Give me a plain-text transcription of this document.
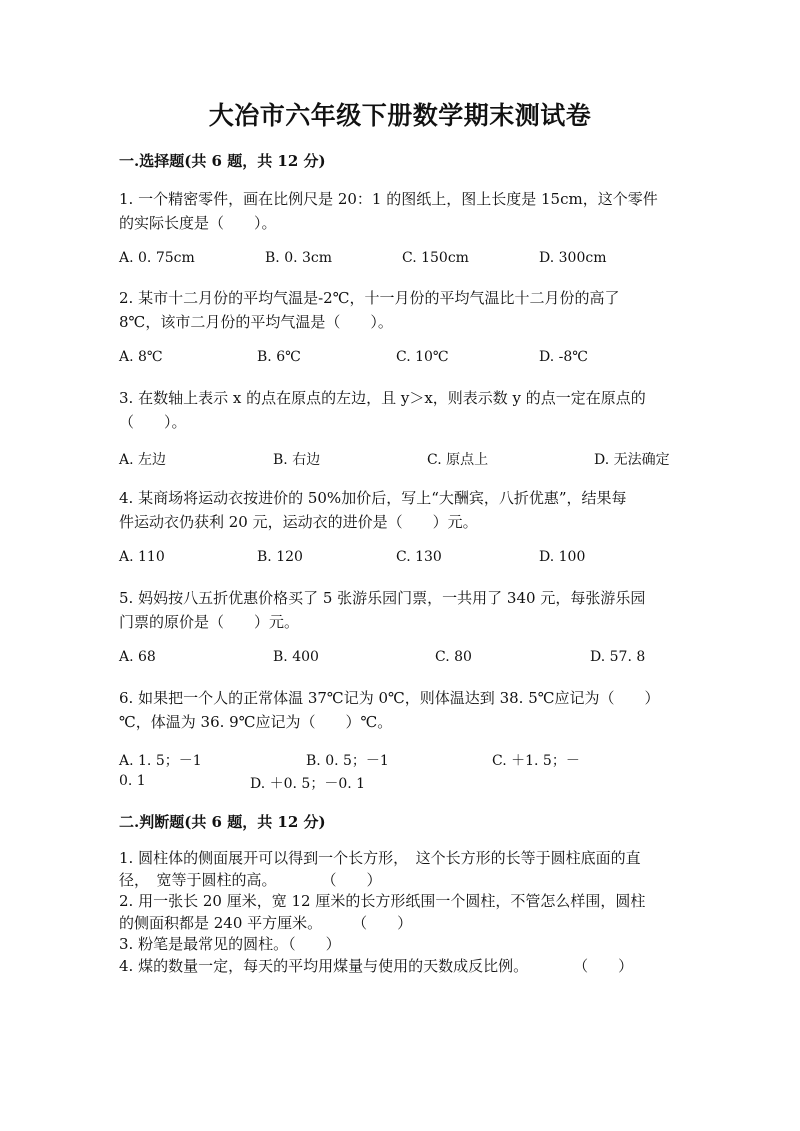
大冶市六年级下册数学期末测试卷
一.选择题(共 6 题，共 12 分)
1. 一个精密零件，画在比例尺是 20：1 的图纸上，图上长度是 15cm，这个零件
的实际长度是（　　）。
A. 0. 75cm	B. 0. 3cm	C. 150cm	D. 300cm
2. 某市十二月份的平均气温是-2℃，十一月份的平均气温比十二月份的高了
8℃，该市二月份的平均气温是（　　）。
A. 8℃	B. 6℃	C. 10℃	D. -8℃
3. 在数轴上表示 x 的点在原点的左边，且 y＞x，则表示数 y 的点一定在原点的
（　　）。
A. 左边	B. 右边	C. 原点上	D. 无法确定
4. 某商场将运动衣按进价的 50%加价后，写上“大酬宾，八折优惠”，结果每
件运动衣仍获利 20 元，运动衣的进价是（　　）元。
A. 110	B. 120	C. 130	D. 100
5. 妈妈按八五折优惠价格买了 5 张游乐园门票，一共用了 340 元，每张游乐园
门票的原价是（　　）元。
A. 68	B. 400	C. 80	D. 57. 8
6. 如果把一个人的正常体温 37℃记为 0℃，则体温达到 38. 5℃应记为（　　）
℃，体温为 36. 9℃应记为（　　）℃。
A. 1. 5；－1	B. 0. 5；－1	C. ＋1. 5；－
0. 1	D. ＋0. 5；－0. 1
二.判断题(共 6 题，共 12 分)
1. 圆柱体的侧面展开可以得到一个长方形，　这个长方形的长等于圆柱底面的直
径，　宽等于圆柱的高。　　　　（　　）
2. 用一张长 20 厘米，宽 12 厘米的长方形纸围一个圆柱，不管怎么样围，圆柱
的侧面积都是 240 平方厘米。　　　（　　）
3. 粉笔是最常见的圆柱。（　　）
4. 煤的数量一定，每天的平均用煤量与使用的天数成反比例。　　　　（　　）
